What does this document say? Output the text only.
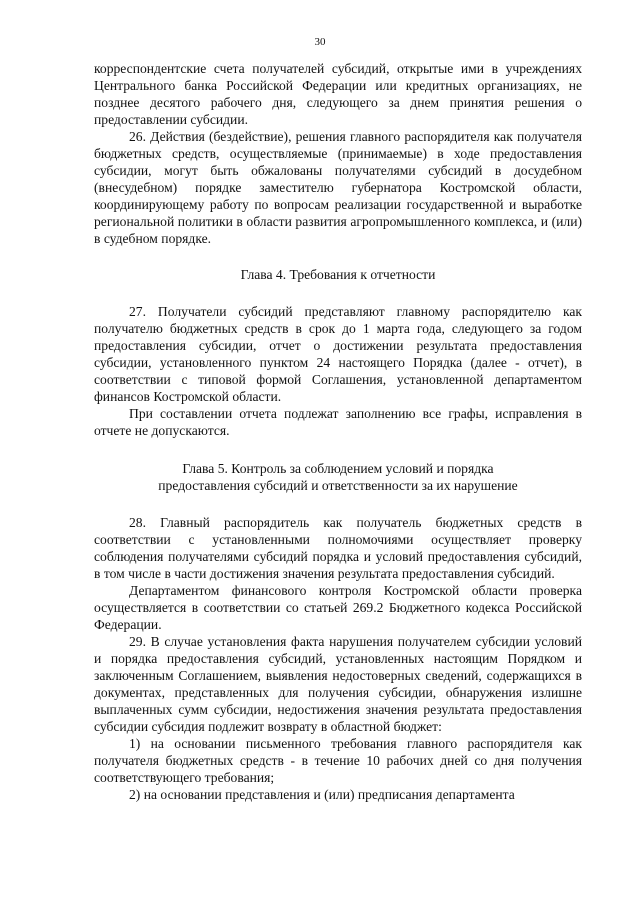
30

корреспондентские счета получателей субсидий, открытые ими в учреждениях Центрального банка Российской Федерации или кредитных организациях, не позднее десятого рабочего дня, следующего за днем принятия решения о предоставлении субсидии.

26. Действия (бездействие), решения главного распорядителя как получателя бюджетных средств, осуществляемые (принимаемые) в ходе предоставления субсидии, могут быть обжалованы получателями субсидий в досудебном (внесудебном) порядке заместителю губернатора Костромской области, координирующему работу по вопросам реализации государственной и выработке региональной политики в области развития агропромышленного комплекса, и (или) в судебном порядке.

Глава 4. Требования к отчетности

27. Получатели субсидий представляют главному распорядителю как получателю бюджетных средств в срок до 1 марта года, следующего за годом предоставления субсидии, отчет о достижении результата предоставления субсидии, установленного пунктом 24 настоящего Порядка (далее - отчет), в соответствии с типовой формой Соглашения, установленной департаментом финансов Костромской области.

При составлении отчета подлежат заполнению все графы, исправления в отчете не допускаются.

Глава 5. Контроль за соблюдением условий и порядка
предоставления субсидий и ответственности за их нарушение

28. Главный распорядитель как получатель бюджетных средств в соответствии с установленными полномочиями осуществляет проверку соблюдения получателями субсидий порядка и условий предоставления субсидий, в том числе в части достижения значения результата предоставления субсидий.

Департаментом финансового контроля Костромской области проверка осуществляется в соответствии со статьей 269.2 Бюджетного кодекса Российской Федерации.

29. В случае установления факта нарушения получателем субсидии условий и порядка предоставления субсидий, установленных настоящим Порядком и заключенным Соглашением, выявления недостоверных сведений, содержащихся в документах, представленных для получения субсидии, обнаружения излишне выплаченных сумм субсидии, недостижения значения результата предоставления субсидии субсидия подлежит возврату в областной бюджет:

1) на основании письменного требования главного распорядителя как получателя бюджетных средств - в течение 10 рабочих дней со дня получения соответствующего требования;

2) на основании представления и (или) предписания департамента
